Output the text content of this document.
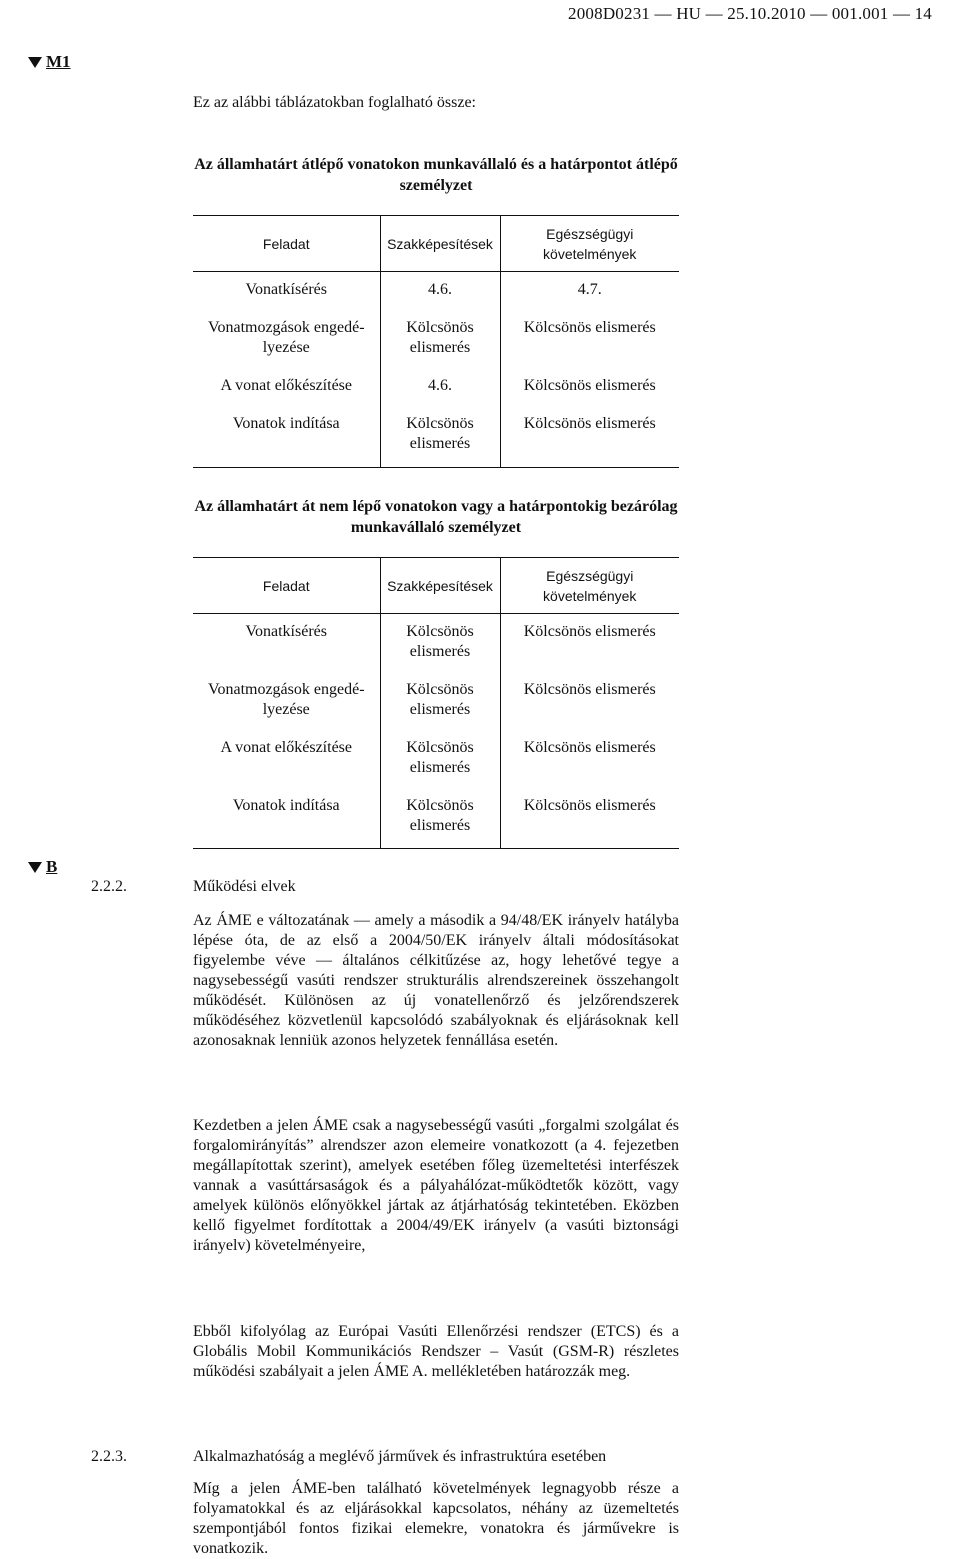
2008D0231 — HU — 25.10.2010 — 001.001 — 14
M1
Ez az alábbi táblázatokban foglalható össze:
Az államhatárt átlépő vonatokon munkavállaló és a határpontot átlépő személyzet
Feladat	Szakképesítések	Egészségügyi követelmények
Vonatkísérés	4.6.	4.7.
Vonatmozgások engedé-lyezése	Kölcsönös elismerés	Kölcsönös elismerés
A vonat előkészítése	4.6.	Kölcsönös elismerés
Vonatok indítása	Kölcsönös elismerés	Kölcsönös elismerés
Az államhatárt át nem lépő vonatokon vagy a határpontokig bezárólag munkavállaló személyzet
Feladat	Szakképesítések	Egészségügyi követelmények
Vonatkísérés	Kölcsönös elismerés	Kölcsönös elismerés
Vonatmozgások engedé-lyezése	Kölcsönös elismerés	Kölcsönös elismerés
A vonat előkészítése	Kölcsönös elismerés	Kölcsönös elismerés
Vonatok indítása	Kölcsönös elismerés	Kölcsönös elismerés
B
2.2.2.	Működési elvek
Az ÁME e változatának — amely a második a 94/48/EK irányelv hatályba lépése óta, de az első a 2004/50/EK irányelv általi módosításokat figyelembe véve — általános célkitűzése az, hogy lehetővé tegye a nagysebességű vasúti rendszer strukturális alrendszereinek összehangolt működését. Különösen az új vonatellenőrző és jelzőrendszerek működéséhez közvetlenül kapcsolódó szabályoknak és eljárásoknak kell azonosaknak lenniük azonos helyzetek fennállása esetén.
Kezdetben a jelen ÁME csak a nagysebességű vasúti „forgalmi szolgálat és forgalomirányítás” alrendszer azon elemeire vonatkozott (a 4. fejezetben megállapítottak szerint), amelyek esetében főleg üzemeltetési interfészek vannak a vasúttársaságok és a pályahálózat-működtetők között, vagy amelyek különös előnyökkel jártak az átjárhatóság tekintetében. Eközben kellő figyelmet fordítottak a 2004/49/EK irányelv (a vasúti biztonsági irányelv) követelményeire,
Ebből kifolyólag az Európai Vasúti Ellenőrzési rendszer (ETCS) és a Globális Mobil Kommunikációs Rendszer – Vasút (GSM-R) részletes működési szabályait a jelen ÁME A. mellékletében határozzák meg.
2.2.3.	Alkalmazhatóság a meglévő járművek és infrastruktúra esetében
Míg a jelen ÁME-ben található követelmények legnagyobb része a folyamatokkal és az eljárásokkal kapcsolatos, néhány az üzemeltetés szempontjából fontos fizikai elemekre, vonatokra és járművekre is vonatkozik.
